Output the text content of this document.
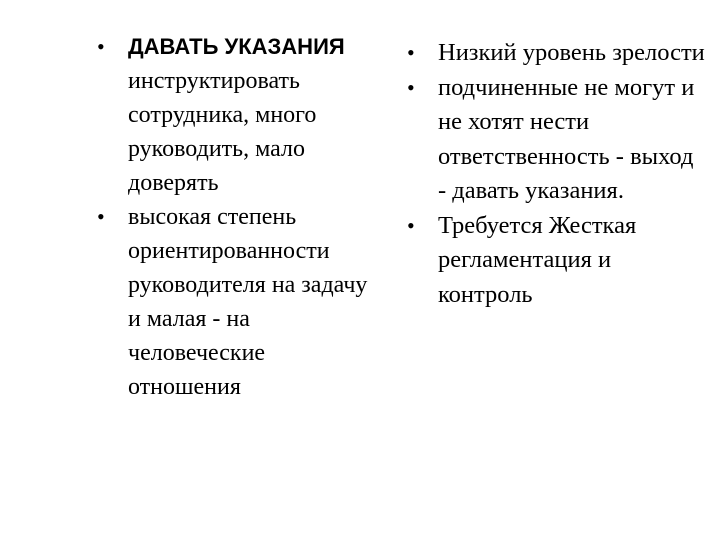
• ДАВАТЬ УКАЗАНИЯ
инструктировать сотрудника, много руководить, мало доверять
• высокая степень ориентированности руководителя на задачу и малая - на человеческие отношения
• Низкий уровень зрелости
• подчиненные не могут и не хотят нести ответственность - выход - давать указания.
• Требуется Жесткая регламентация и контроль
